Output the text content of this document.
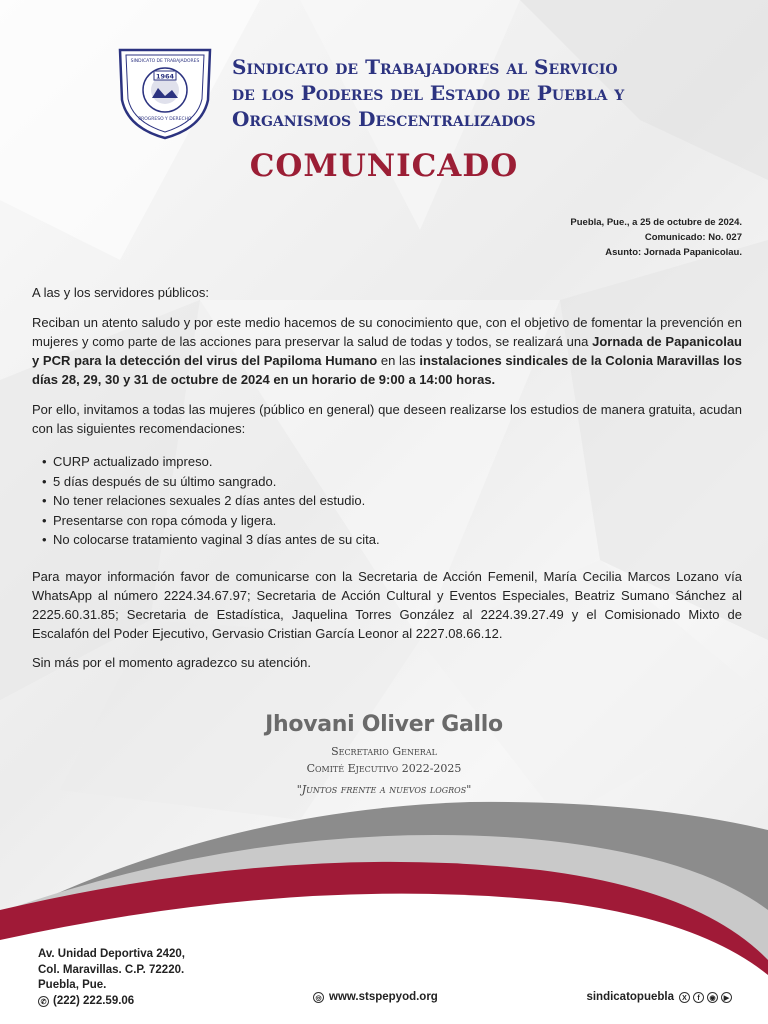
1964
SINDICATO DE TRABAJADORES
PROGRESO Y DERECHO
Sindicato de Trabajadores al Servicio
de los Poderes del Estado de Puebla y
Organismos Descentralizados
COMUNICADO
Puebla, Pue., a 25 de octubre de 2024.
Comunicado: No. 027
Asunto: Jornada Papanicolau.

A las y los servidores públicos:

Reciban un atento saludo y por este medio hacemos de su conocimiento que, con el objetivo de fomentar la prevención en mujeres y como parte de las acciones para preservar la salud de todas y todos, se realizará una Jornada de Papanicolau y PCR para la detección del virus del Papiloma Humano en las instalaciones sindicales de la Colonia Maravillas los días 28, 29, 30 y 31 de octubre de 2024 en un horario de 9:00 a 14:00 horas.

Por ello, invitamos a todas las mujeres (público en general) que deseen realizarse los estudios de manera gratuita, acudan con las siguientes recomendaciones:

• CURP actualizado impreso.
• 5 días después de su último sangrado.
• No tener relaciones sexuales 2 días antes del estudio.
• Presentarse con ropa cómoda y ligera.
• No colocarse tratamiento vaginal 3 días antes de su cita.

Para mayor información favor de comunicarse con la Secretaria de Acción Femenil, María Cecilia Marcos Lozano vía WhatsApp al número 2224.34.67.97; Secretaria de Acción Cultural y Eventos Especiales, Beatriz Sumano Sánchez al 2225.60.31.85; Secretaria de Estadística, Jaquelina Torres González al 2224.39.27.49 y el Comisionado Mixto de Escalafón del Poder Ejecutivo, Gervasio Cristian García Leonor al 2227.08.66.12.

Sin más por el momento agradezco su atención.

Jhovani Oliver Gallo
Secretario General
Comité Ejecutivo 2022-2025
"Juntos frente a nuevos logros"
Av. Unidad Deportiva 2420,
Col. Maravillas. C.P. 72220.
Puebla, Pue.
✆ (222) 222.59.06	◎ www.stspepyod.org	sindicatopuebla	X	f	◉	▶
